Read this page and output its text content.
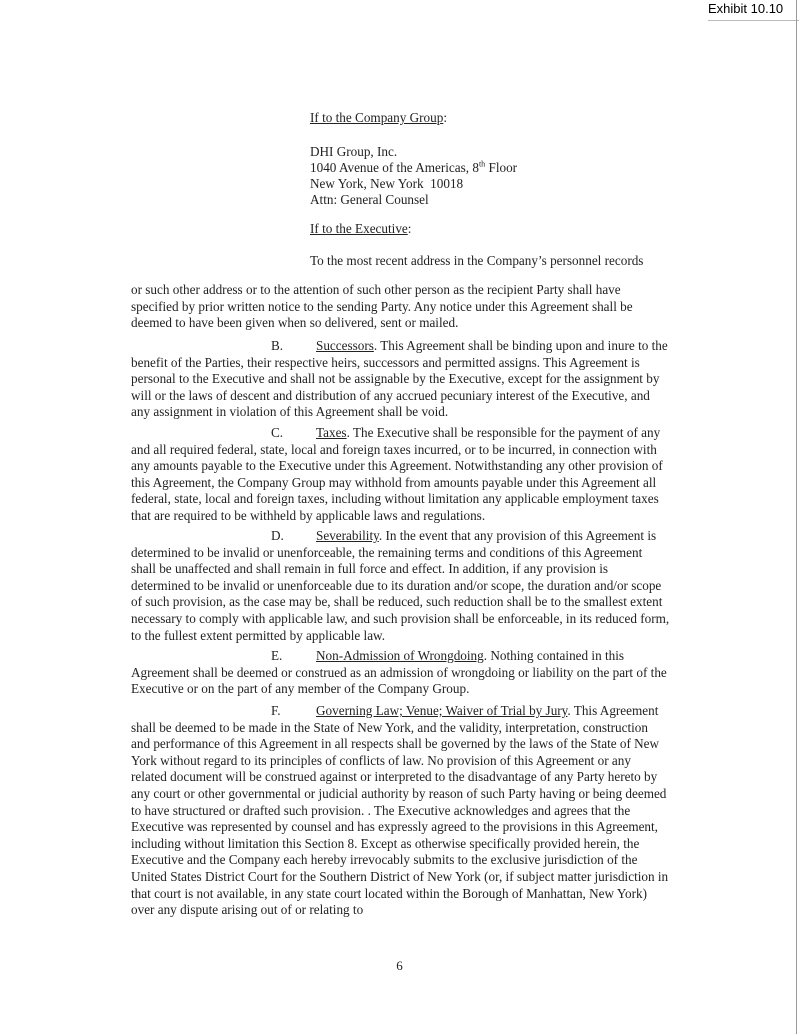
Exhibit 10.10
If to the Company Group:
DHI Group, Inc.
1040 Avenue of the Americas, 8th Floor
New York, New York  10018
Attn: General Counsel
If to the Executive:
To the most recent address in the Company’s personnel records

or such other address or to the attention of such other person as the recipient Party shall have specified by prior written notice to the sending Party. Any notice under this Agreement shall be deemed to have been given when so delivered, sent or mailed.

B. Successors. This Agreement shall be binding upon and inure to the benefit of the Parties, their respective heirs, successors and permitted assigns. This Agreement is personal to the Executive and shall not be assignable by the Executive, except for the assignment by will or the laws of descent and distribution of any accrued pecuniary interest of the Executive, and any assignment in violation of this Agreement shall be void.

C. Taxes. The Executive shall be responsible for the payment of any and all required federal, state, local and foreign taxes incurred, or to be incurred, in connection with any amounts payable to the Executive under this Agreement. Notwithstanding any other provision of this Agreement, the Company Group may withhold from amounts payable under this Agreement all federal, state, local and foreign taxes, including without limitation any applicable employment taxes that are required to be withheld by applicable laws and regulations.

D. Severability. In the event that any provision of this Agreement is determined to be invalid or unenforceable, the remaining terms and conditions of this Agreement shall be unaffected and shall remain in full force and effect. In addition, if any provision is determined to be invalid or unenforceable due to its duration and/or scope, the duration and/or scope of such provision, as the case may be, shall be reduced, such reduction shall be to the smallest extent necessary to comply with applicable law, and such provision shall be enforceable, in its reduced form, to the fullest extent permitted by applicable law.

E.	Non-Admission of Wrongdoing. Nothing contained in this Agreement shall be deemed or construed as an admission of wrongdoing or liability on the part of the Executive or on the part of any member of the Company Group.

F.	Governing Law; Venue; Waiver of Trial by Jury. This Agreement shall be deemed to be made in the State of New York, and the validity, interpretation, construction and performance of this Agreement in all respects shall be governed by the laws of the State of New York without regard to its principles of conflicts of law. No provision of this Agreement or any related document will be construed against or interpreted to the disadvantage of any Party hereto by any court or other governmental or judicial authority by reason of such Party having or being deemed to have structured or drafted such provision. . The Executive acknowledges and agrees that the Executive was represented by counsel and has expressly agreed to the provisions in this Agreement, including without limitation this Section 8. Except as otherwise specifically provided herein, the Executive and the Company each hereby irrevocably submits to the exclusive jurisdiction of the United States District Court for the Southern District of New York (or, if subject matter jurisdiction in that court is not available, in any state court located within the Borough of Manhattan, New York) over any dispute arising out of or relating to

6
